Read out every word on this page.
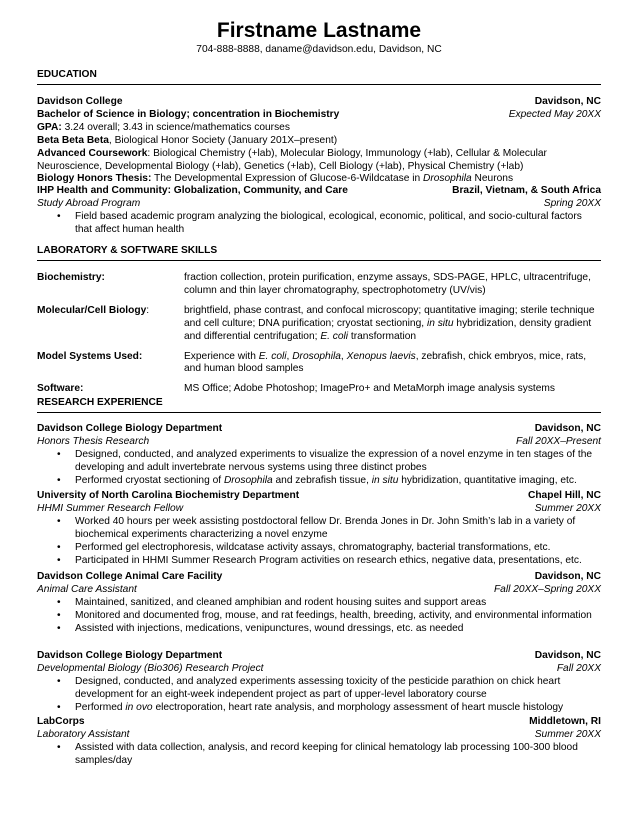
Firstname Lastname
704-888-8888, daname@davidson.edu, Davidson, NC
EDUCATION
Davidson College	Davidson, NC
Bachelor of Science in Biology; concentration in Biochemistry	Expected May 20XX
GPA: 3.24 overall; 3.43 in science/mathematics courses
Beta Beta Beta, Biological Honor Society (January 201X–present)
Advanced Coursework: Biological Chemistry (+lab), Molecular Biology, Immunology (+lab), Cellular & Molecular Neuroscience, Developmental Biology (+lab), Genetics (+lab), Cell Biology (+lab), Physical Chemistry (+lab)
Biology Honors Thesis: The Developmental Expression of Glucose-6-Wildcatase in Drosophila Neurons
IHP Health and Community: Globalization, Community, and Care	Brazil, Vietnam, & South Africa
Study Abroad Program	Spring 20XX
• Field based academic program analyzing the biological, ecological, economic, political, and socio-cultural factors that affect human health
LABORATORY & SOFTWARE SKILLS
Biochemistry:	fraction collection, protein purification, enzyme assays, SDS-PAGE, HPLC, ultracentrifuge, column and thin layer chromatography, spectrophotometry (UV/vis)
Molecular/Cell Biology:	brightfield, phase contrast, and confocal microscopy; quantitative imaging; sterile technique and cell culture; DNA purification; cryostat sectioning, in situ hybridization, density gradient and differential centrifugation; E. coli transformation
Model Systems Used:	Experience with E. coli, Drosophila, Xenopus laevis, zebrafish, chick embryos, mice, rats, and human blood samples
Software:	MS Office; Adobe Photoshop; ImagePro+ and MetaMorph image analysis systems
RESEARCH EXPERIENCE
Davidson College Biology Department	Davidson, NC
Honors Thesis Research	Fall 20XX–Present
• Designed, conducted, and analyzed experiments to visualize the expression of a novel enzyme in ten stages of the developing and adult invertebrate nervous systems using three distinct probes
• Performed cryostat sectioning of Drosophila and zebrafish tissue, in situ hybridization, quantitative imaging, etc.
University of North Carolina Biochemistry Department	Chapel Hill, NC
HHMI Summer Research Fellow	Summer 20XX
• Worked 40 hours per week assisting postdoctoral fellow Dr. Brenda Jones in Dr. John Smith’s lab in a variety of biochemical experiments characterizing a novel enzyme
• Performed gel electrophoresis, wildcatase activity assays, chromatography, bacterial transformations, etc.
• Participated in HHMI Summer Research Program activities on research ethics, negative data, presentations, etc.
Davidson College Animal Care Facility	Davidson, NC
Animal Care Assistant	Fall 20XX–Spring 20XX
• Maintained, sanitized, and cleaned amphibian and rodent housing suites and support areas
• Monitored and documented frog, mouse, and rat feedings, health, breeding, activity, and environmental information
• Assisted with injections, medications, venipunctures, wound dressings, etc. as needed
Davidson College Biology Department	Davidson, NC
Developmental Biology (Bio306) Research Project	Fall 20XX
• Designed, conducted, and analyzed experiments assessing toxicity of the pesticide parathion on chick heart development for an eight-week independent project as part of upper-level laboratory course
• Performed in ovo electroporation, heart rate analysis, and morphology assessment of heart muscle histology
LabCorps	Middletown, RI
Laboratory Assistant	Summer 20XX
• Assisted with data collection, analysis, and record keeping for clinical hematology lab processing 100-300 blood samples/day
